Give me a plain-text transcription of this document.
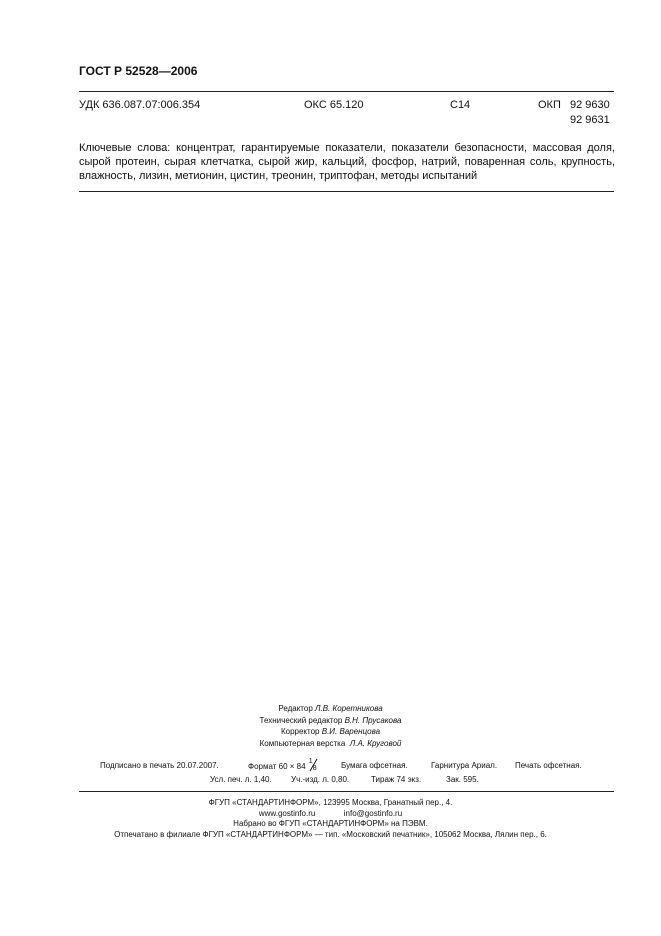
ГОСТ Р 52528—2006
УДК 636.087.07:006.354	ОКС 65.120	С14	ОКП 92 9630
92 9631
Ключевые слова: концентрат, гарантируемые показатели, показатели безопасности, массовая доля, сырой протеин, сырая клетчатка, сырой жир, кальций, фосфор, натрий, поваренная соль, крупность, влажность, лизин, метионин, цистин, треонин, триптофан, методы испытаний
Редактор Л.В. Коретникова
Технический редактор В.Н. Прусакова
Корректор В.И. Варенцова
Компьютерная верстка Л.А. Круговой
Подписано в печать 20.07.2007.	Формат 60 × 84
1
8	Бумага офсетная.	Гарнитура Ариал. Печать офсетная.
Усл. печ. л. 1,40. Уч.-изд. л. 0,80.	Тираж 74 экз.	Зак. 595.
ФГУП «СТАНДАРТИНФОРМ», 123995 Москва, Гранатный пер., 4.
www.gostinfo.ru	info@gostinfo.ru
Набрано во ФГУП «СТАНДАРТИНФОРМ» на ПЭВМ.
Отпечатано в филиале ФГУП «СТАНДАРТИНФОРМ» — тип. «Московский печатник», 105062 Москва, Лялин пер., 6.
